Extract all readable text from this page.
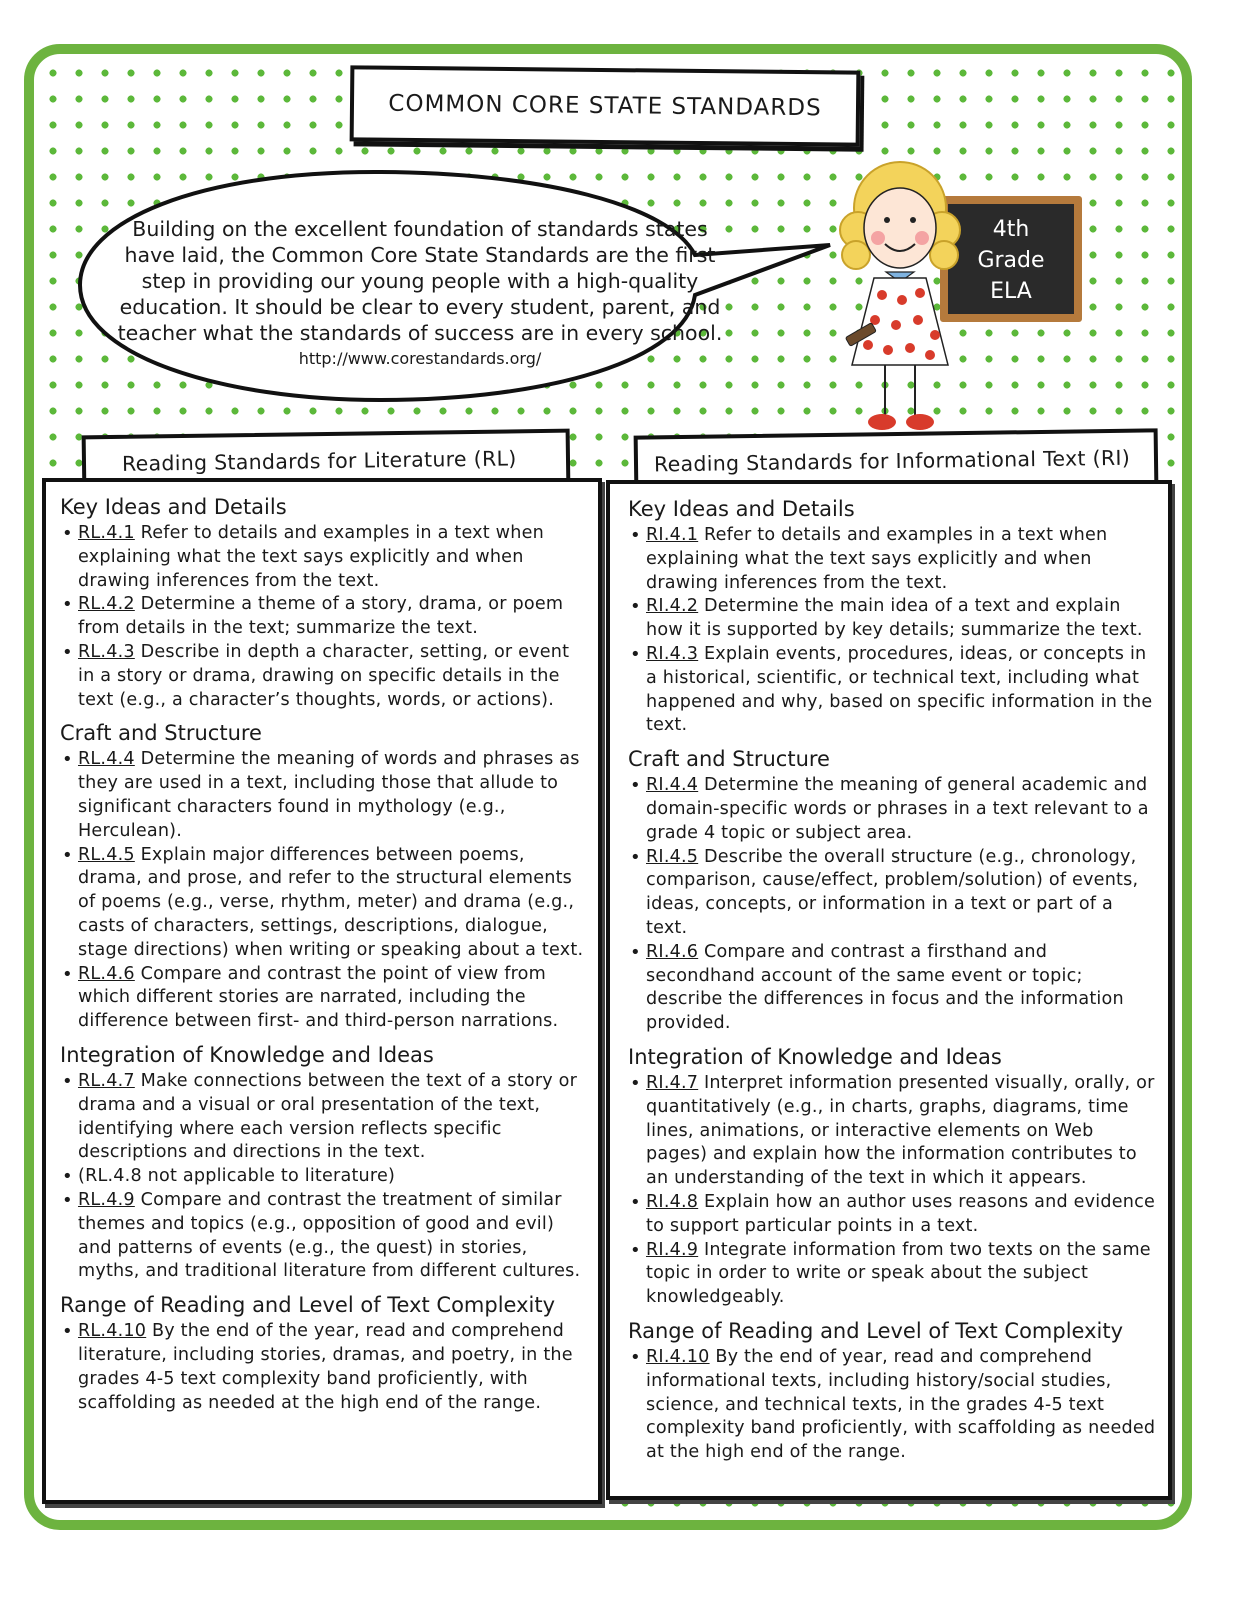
COMMON CORE STATE STANDARDS
Building on the excellent foundation of standards states have laid, the Common Core State Standards are the first step in providing our young people with a high-quality education. It should be clear to every student, parent, and teacher what the standards of success are in every school.
http://www.corestandards.org/
4th
Grade
ELA
Reading Standards for Literature (RL)	Reading Standards for Informational Text (RI)
Key Ideas and Details
• RL.4.1 Refer to details and examples in a text when explaining what the text says explicitly and when drawing inferences from the text.
• RL.4.2 Determine a theme of a story, drama, or poem from details in the text; summarize the text.
• RL.4.3 Describe in depth a character, setting, or event in a story or drama, drawing on specific details in the text (e.g., a character’s thoughts, words, or actions).
Craft and Structure
• RL.4.4 Determine the meaning of words and phrases as they are used in a text, including those that allude to significant characters found in mythology (e.g., Herculean).
• RL.4.5 Explain major differences between poems, drama, and prose, and refer to the structural elements of poems (e.g., verse, rhythm, meter) and drama (e.g., casts of characters, settings, descriptions, dialogue, stage directions) when writing or speaking about a text.
• RL.4.6 Compare and contrast the point of view from which different stories are narrated, including the difference between first- and third-person narrations.
Integration of Knowledge and Ideas
• RL.4.7 Make connections between the text of a story or drama and a visual or oral presentation of the text, identifying where each version reflects specific descriptions and directions in the text.
• (RL.4.8 not applicable to literature)
• RL.4.9 Compare and contrast the treatment of similar themes and topics (e.g., opposition of good and evil) and patterns of events (e.g., the quest) in stories, myths, and traditional literature from different cultures.
Range of Reading and Level of Text Complexity
• RL.4.10 By the end of the year, read and comprehend literature, including stories, dramas, and poetry, in the grades 4-5 text complexity band proficiently, with scaffolding as needed at the high end of the range.
Key Ideas and Details
• RI.4.1 Refer to details and examples in a text when explaining what the text says explicitly and when drawing inferences from the text.
• RI.4.2 Determine the main idea of a text and explain how it is supported by key details; summarize the text.
• RI.4.3 Explain events, procedures, ideas, or concepts in a historical, scientific, or technical text, including what happened and why, based on specific information in the text.
Craft and Structure
• RI.4.4 Determine the meaning of general academic and domain-specific words or phrases in a text relevant to a grade 4 topic or subject area.
• RI.4.5 Describe the overall structure (e.g., chronology, comparison, cause/effect, problem/solution) of events, ideas, concepts, or information in a text or part of a text.
• RI.4.6 Compare and contrast a firsthand and secondhand account of the same event or topic; describe the differences in focus and the information provided.
Integration of Knowledge and Ideas
• RI.4.7 Interpret information presented visually, orally, or quantitatively (e.g., in charts, graphs, diagrams, time lines, animations, or interactive elements on Web pages) and explain how the information contributes to an understanding of the text in which it appears.
• RI.4.8 Explain how an author uses reasons and evidence to support particular points in a text.
• RI.4.9 Integrate information from two texts on the same topic in order to write or speak about the subject knowledgeably.
Range of Reading and Level of Text Complexity
• RI.4.10 By the end of year, read and comprehend informational texts, including history/social studies, science, and technical texts, in the grades 4-5 text complexity band proficiently, with scaffolding as needed at the high end of the range.
